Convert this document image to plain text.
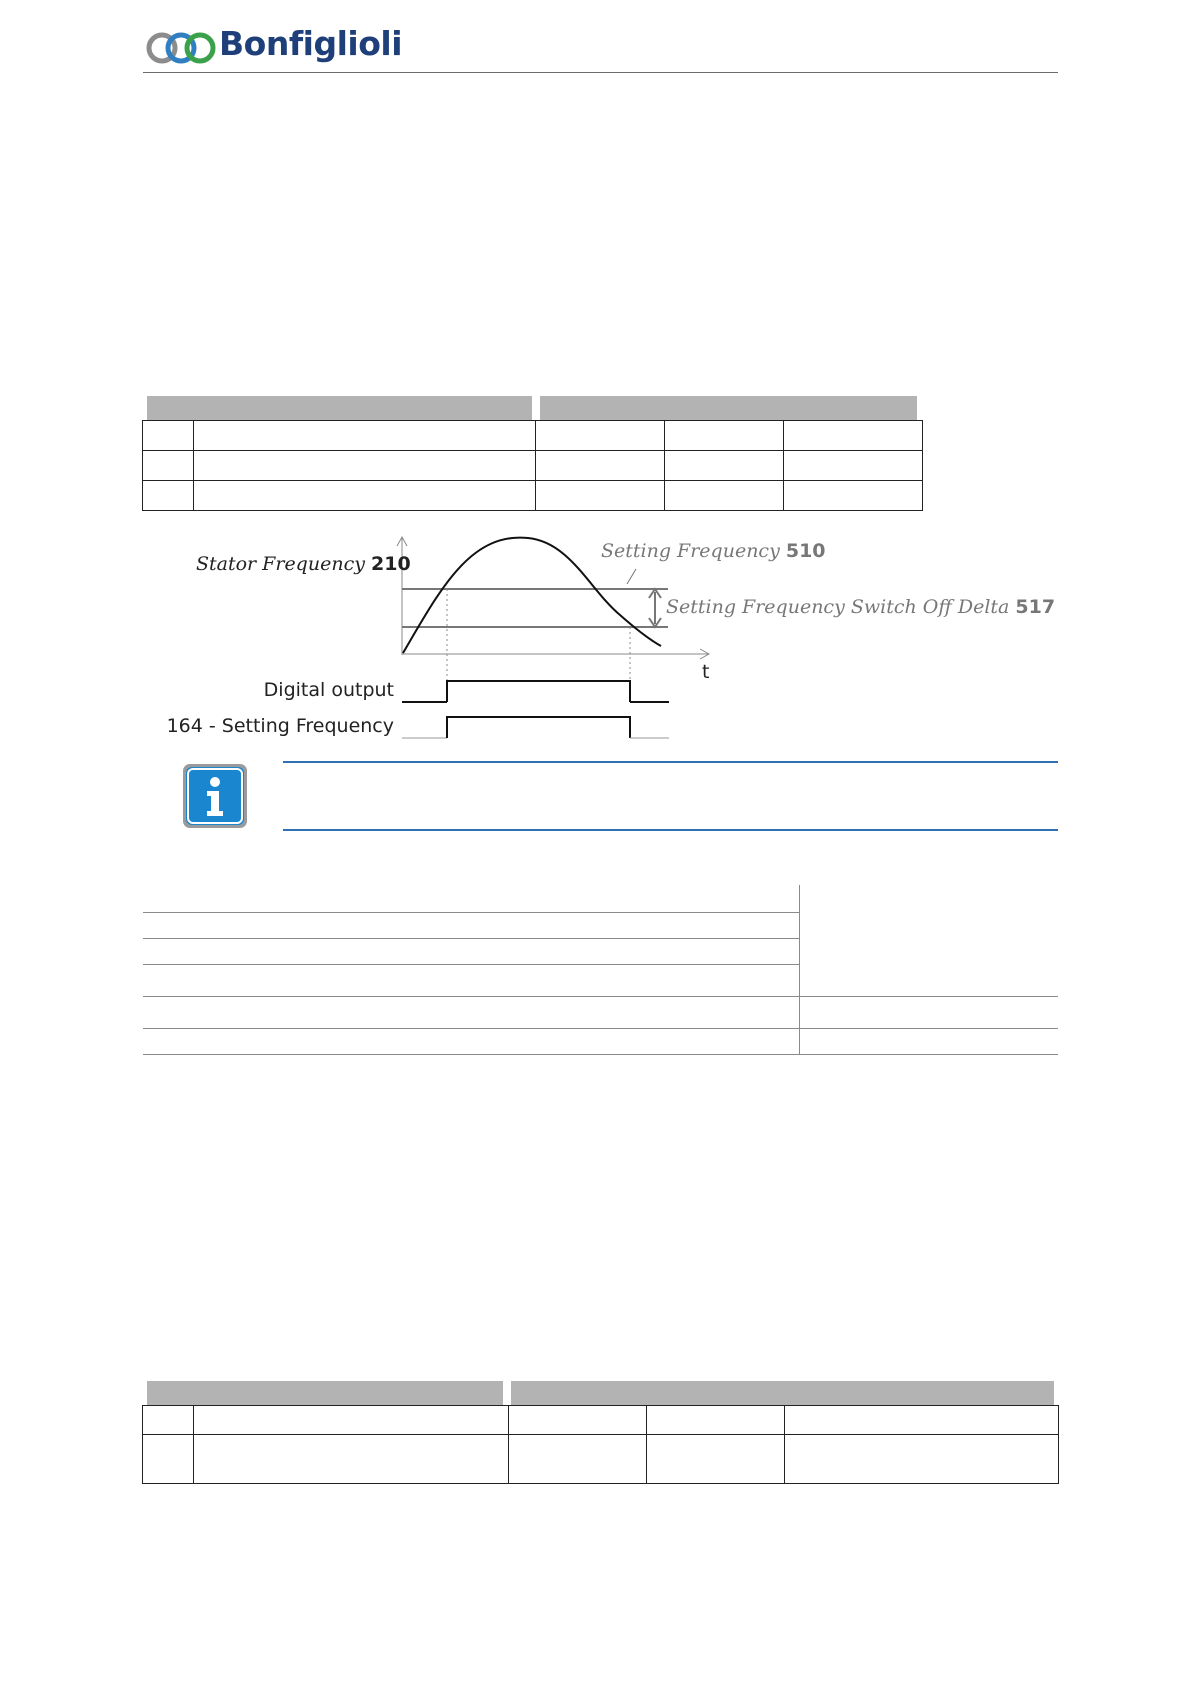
Bonfiglioli

Stator Frequency 210
Setting Frequency 510
Setting Frequency Switch Off Delta 517
t
Digital output
164 - Setting Frequency
